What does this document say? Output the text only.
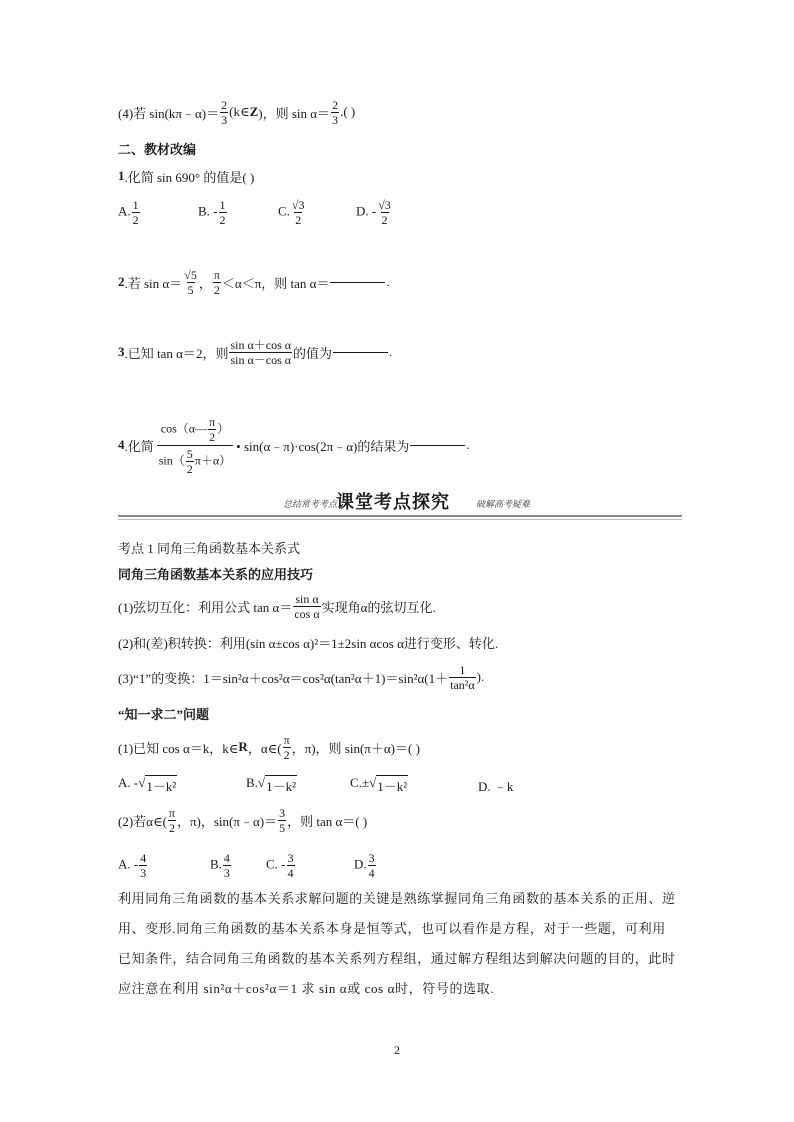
(4)若 sin(kπ﹣α)＝ $\frac{2}{3}$ (k∈ Z )，则 $\sin \alpha= \frac{2}{3}$ .( )
二、教材改编
1 .化简 sin 690° 的值是( )
A. $\frac{1}{2}$	B. - $\frac{1}{2}$	C. $\frac{√3}{2}$	D. - $\frac{√3}{2}$
2 .若 $\sin \alpha= \frac{√5}{5}$ ， $\frac{\pi}{2} <\alpha<\pi$，则 tan α＝	.
3 .已知 tan α＝2，则 $\frac{\text{sin α＋cos α}}{\text{sin α－cos α}}$ 的值为	.
4 .化简 $\frac{\cos(\alpha— \frac{\pi}{2} )}{\sin( \frac{5}{2} \pi+\alpha)}$ • sin(α﹣π)·cos(2π﹣α)的结果为	.
总结常考考点
课堂考点探究	破解高考疑难
考点 1 同角三角函数基本关系式
同角三角函数基本关系的应用技巧
(1)弦切互化：利用公式 $\tan \alpha= \frac{\text{sin α}}{\text{cos α}}$ 实现角α的弦切互化.
(2)和(差)积转换：利用(sin α±cos α)²＝1±2sin αcos α进行变形、转化.
(3)“1”的变换：$1=\sin^2\alpha+\cos^2\alpha=\cos^2\alpha(\tan^2\alpha+1)=\sin^2\alpha(1+ \frac{1}{\text{tan²α}}$ ).
“知一求二”问题
(1)已知 cos α＝k，k∈ R ，α∈( $\frac{\pi}{2}$ ，π)，则 sin(π＋α)＝( )
A. - √ 1－k²	B. √ 1－k²	C.± √ 1－k²	D. ﹣k
(2)若α∈( $\frac{\pi}{2}$ ，π)，sin(π﹣α)＝ $\frac{3}{5}$ ，则 tan α＝( )
A. - $\frac{4}{3}$	B. $\frac{4}{3}$	C. - $\frac{3}{4}$	D. $\frac{3}{4}$
利用同角三角函数的基本关系求解问题的关键是熟练掌握同角三角函数的基本关系的正用、逆用、变形.同角三角函数的基本关系本身是恒等式，也可以看作是方程，对于一些题，可利用已知条件，结合同角三角函数的基本关系列方程组，通过解方程组达到解决问题的目的，此时应注意在利用 sin²α＋cos²α＝1 求 sin α或 cos α时，符号的选取.
2
